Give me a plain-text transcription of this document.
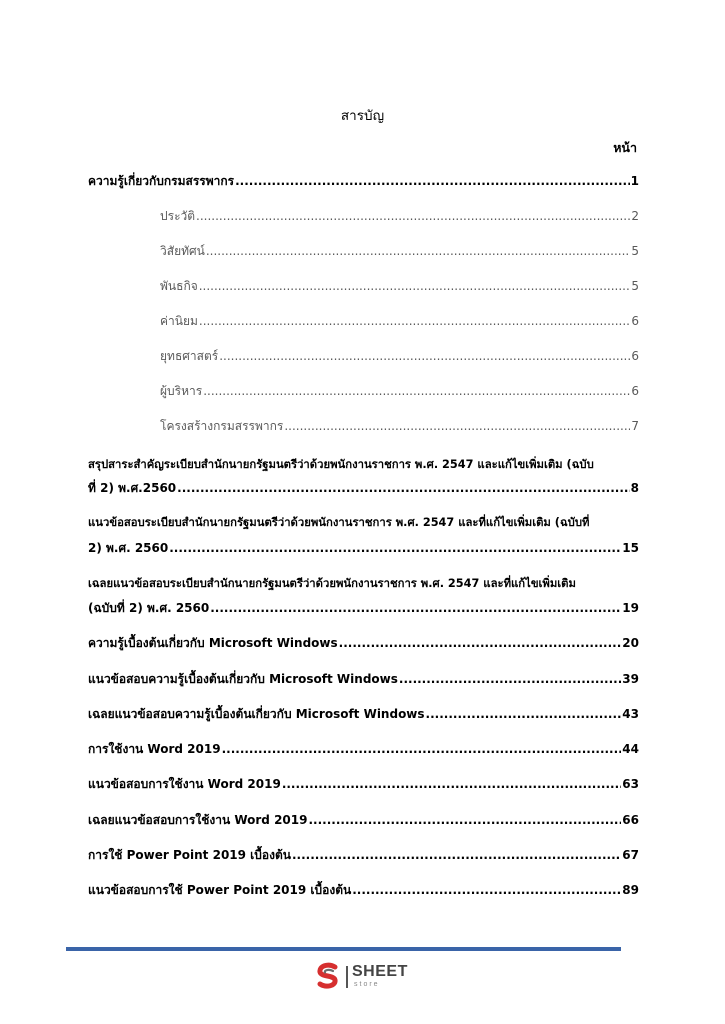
สารบัญ
หน้า
ความรู้เกี่ยวกับกรมสรรพากร .....	1
ประวัติ .....	2
วิสัยทัศน์ .....	5
พันธกิจ .....	5
ค่านิยม .....	6
ยุทธศาสตร์ .....	6
ผู้บริหาร .....	6
โครงสร้างกรมสรรพากร .....	7
สรุปสาระสำคัญระเบียบสำนักนายกรัฐมนตรีว่าด้วยพนักงานราชการ พ.ศ. 2547 และแก้ไขเพิ่มเติม (ฉบับ
ที่ 2) พ.ศ.2560 .....	8
แนวข้อสอบระเบียบสำนักนายกรัฐมนตรีว่าด้วยพนักงานราชการ พ.ศ. 2547 และที่แก้ไขเพิ่มเติม (ฉบับที่
2) พ.ศ. 2560 .....	15
เฉลยแนวข้อสอบระเบียบสำนักนายกรัฐมนตรีว่าด้วยพนักงานราชการ พ.ศ. 2547 และที่แก้ไขเพิ่มเติม
(ฉบับที่ 2) พ.ศ. 2560 .....	19
ความรู้เบื้องต้นเกี่ยวกับ Microsoft Windows .....	20
แนวข้อสอบความรู้เบื้องต้นเกี่ยวกับ Microsoft Windows .....	39
เฉลยแนวข้อสอบความรู้เบื้องต้นเกี่ยวกับ Microsoft Windows .....	43
การใช้งาน Word 2019 .....	44
แนวข้อสอบการใช้งาน Word 2019 .....	63
เฉลยแนวข้อสอบการใช้งาน Word 2019 .....	66
การใช้ Power Point 2019 เบื้องต้น .....	67
แนวข้อสอบการใช้ Power Point 2019 เบื้องต้น .....	89
SHEET
store
